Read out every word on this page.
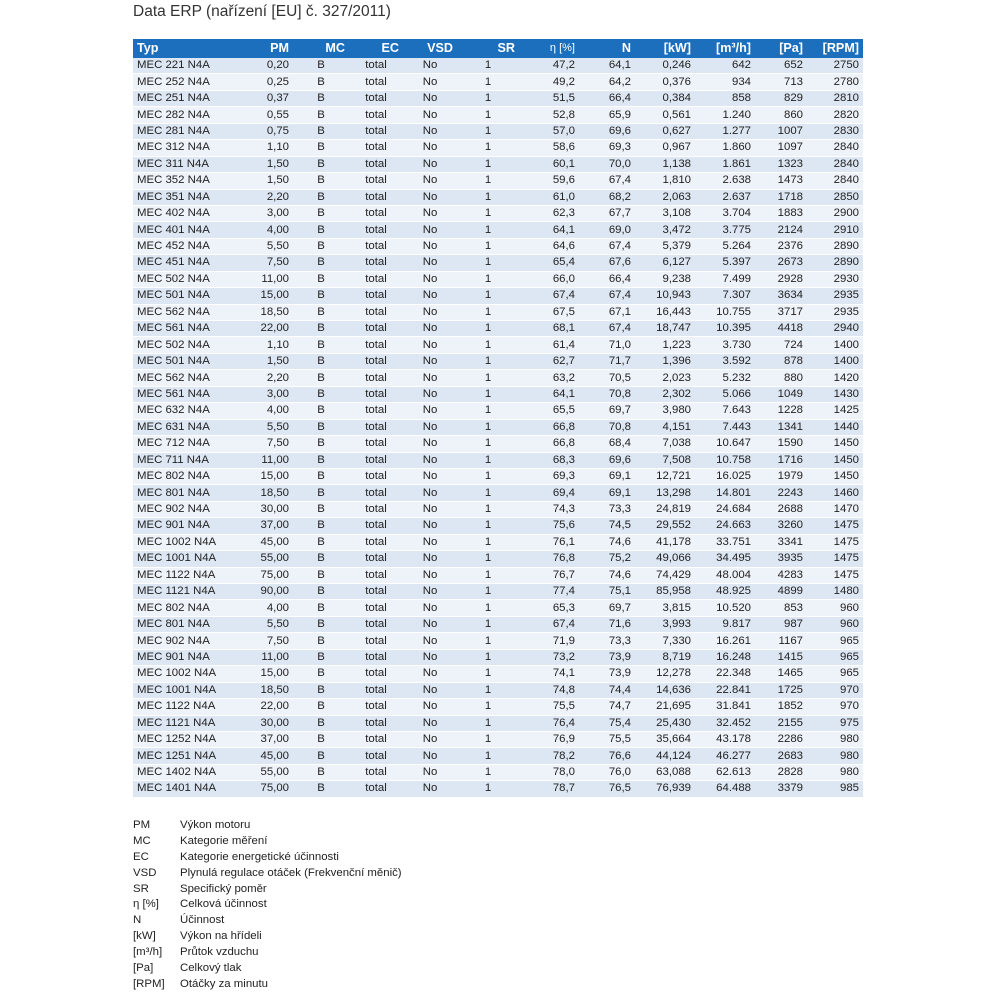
Data ERP (nařízení [EU] č. 327/2011)
Typ	PM	MC	EC	VSD	SR	η [%]	N	[kW]	[m³/h]	[Pa]	[RPM]
MEC 221 N4A	0,20	B	total	No	1	47,2	64,1	0,246	642	652	2750
MEC 252 N4A	0,25	B	total	No	1	49,2	64,2	0,376	934	713	2780
MEC 251 N4A	0,37	B	total	No	1	51,5	66,4	0,384	858	829	2810
MEC 282 N4A	0,55	B	total	No	1	52,8	65,9	0,561	1.240	860	2820
MEC 281 N4A	0,75	B	total	No	1	57,0	69,6	0,627	1.277	1007	2830
MEC 312 N4A	1,10	B	total	No	1	58,6	69,3	0,967	1.860	1097	2840
MEC 311 N4A	1,50	B	total	No	1	60,1	70,0	1,138	1.861	1323	2840
MEC 352 N4A	1,50	B	total	No	1	59,6	67,4	1,810	2.638	1473	2840
MEC 351 N4A	2,20	B	total	No	1	61,0	68,2	2,063	2.637	1718	2850
MEC 402 N4A	3,00	B	total	No	1	62,3	67,7	3,108	3.704	1883	2900
MEC 401 N4A	4,00	B	total	No	1	64,1	69,0	3,472	3.775	2124	2910
MEC 452 N4A	5,50	B	total	No	1	64,6	67,4	5,379	5.264	2376	2890
MEC 451 N4A	7,50	B	total	No	1	65,4	67,6	6,127	5.397	2673	2890
MEC 502 N4A	11,00	B	total	No	1	66,0	66,4	9,238	7.499	2928	2930
MEC 501 N4A	15,00	B	total	No	1	67,4	67,4	10,943	7.307	3634	2935
MEC 562 N4A	18,50	B	total	No	1	67,5	67,1	16,443	10.755	3717	2935
MEC 561 N4A	22,00	B	total	No	1	68,1	67,4	18,747	10.395	4418	2940
MEC 502 N4A	1,10	B	total	No	1	61,4	71,0	1,223	3.730	724	1400
MEC 501 N4A	1,50	B	total	No	1	62,7	71,7	1,396	3.592	878	1400
MEC 562 N4A	2,20	B	total	No	1	63,2	70,5	2,023	5.232	880	1420
MEC 561 N4A	3,00	B	total	No	1	64,1	70,8	2,302	5.066	1049	1430
MEC 632 N4A	4,00	B	total	No	1	65,5	69,7	3,980	7.643	1228	1425
MEC 631 N4A	5,50	B	total	No	1	66,8	70,8	4,151	7.443	1341	1440
MEC 712 N4A	7,50	B	total	No	1	66,8	68,4	7,038	10.647	1590	1450
MEC 711 N4A	11,00	B	total	No	1	68,3	69,6	7,508	10.758	1716	1450
MEC 802 N4A	15,00	B	total	No	1	69,3	69,1	12,721	16.025	1979	1450
MEC 801 N4A	18,50	B	total	No	1	69,4	69,1	13,298	14.801	2243	1460
MEC 902 N4A	30,00	B	total	No	1	74,3	73,3	24,819	24.684	2688	1470
MEC 901 N4A	37,00	B	total	No	1	75,6	74,5	29,552	24.663	3260	1475
MEC 1002 N4A	45,00	B	total	No	1	76,1	74,6	41,178	33.751	3341	1475
MEC 1001 N4A	55,00	B	total	No	1	76,8	75,2	49,066	34.495	3935	1475
MEC 1122 N4A	75,00	B	total	No	1	76,7	74,6	74,429	48.004	4283	1475
MEC 1121 N4A	90,00	B	total	No	1	77,4	75,1	85,958	48.925	4899	1480
MEC 802 N4A	4,00	B	total	No	1	65,3	69,7	3,815	10.520	853	960
MEC 801 N4A	5,50	B	total	No	1	67,4	71,6	3,993	9.817	987	960
MEC 902 N4A	7,50	B	total	No	1	71,9	73,3	7,330	16.261	1167	965
MEC 901 N4A	11,00	B	total	No	1	73,2	73,9	8,719	16.248	1415	965
MEC 1002 N4A	15,00	B	total	No	1	74,1	73,9	12,278	22.348	1465	965
MEC 1001 N4A	18,50	B	total	No	1	74,8	74,4	14,636	22.841	1725	970
MEC 1122 N4A	22,00	B	total	No	1	75,5	74,7	21,695	31.841	1852	970
MEC 1121 N4A	30,00	B	total	No	1	76,4	75,4	25,430	32.452	2155	975
MEC 1252 N4A	37,00	B	total	No	1	76,9	75,5	35,664	43.178	2286	980
MEC 1251 N4A	45,00	B	total	No	1	78,2	76,6	44,124	46.277	2683	980
MEC 1402 N4A	55,00	B	total	No	1	78,0	76,0	63,088	62.613	2828	980
MEC 1401 N4A	75,00	B	total	No	1	78,7	76,5	76,939	64.488	3379	985
PM	Výkon motoru
MC	Kategorie měření
EC	Kategorie energetické účinnosti
VSD Plynulá regulace otáček (Frekvenční měnič)
SR	Specifický poměr
η [%] Celková účinnost
N	Účinnost
[kW] Výkon na hřídeli
[m³/h] Průtok vzduchu
[Pa] Celkový tlak
[RPM] Otáčky za minutu
